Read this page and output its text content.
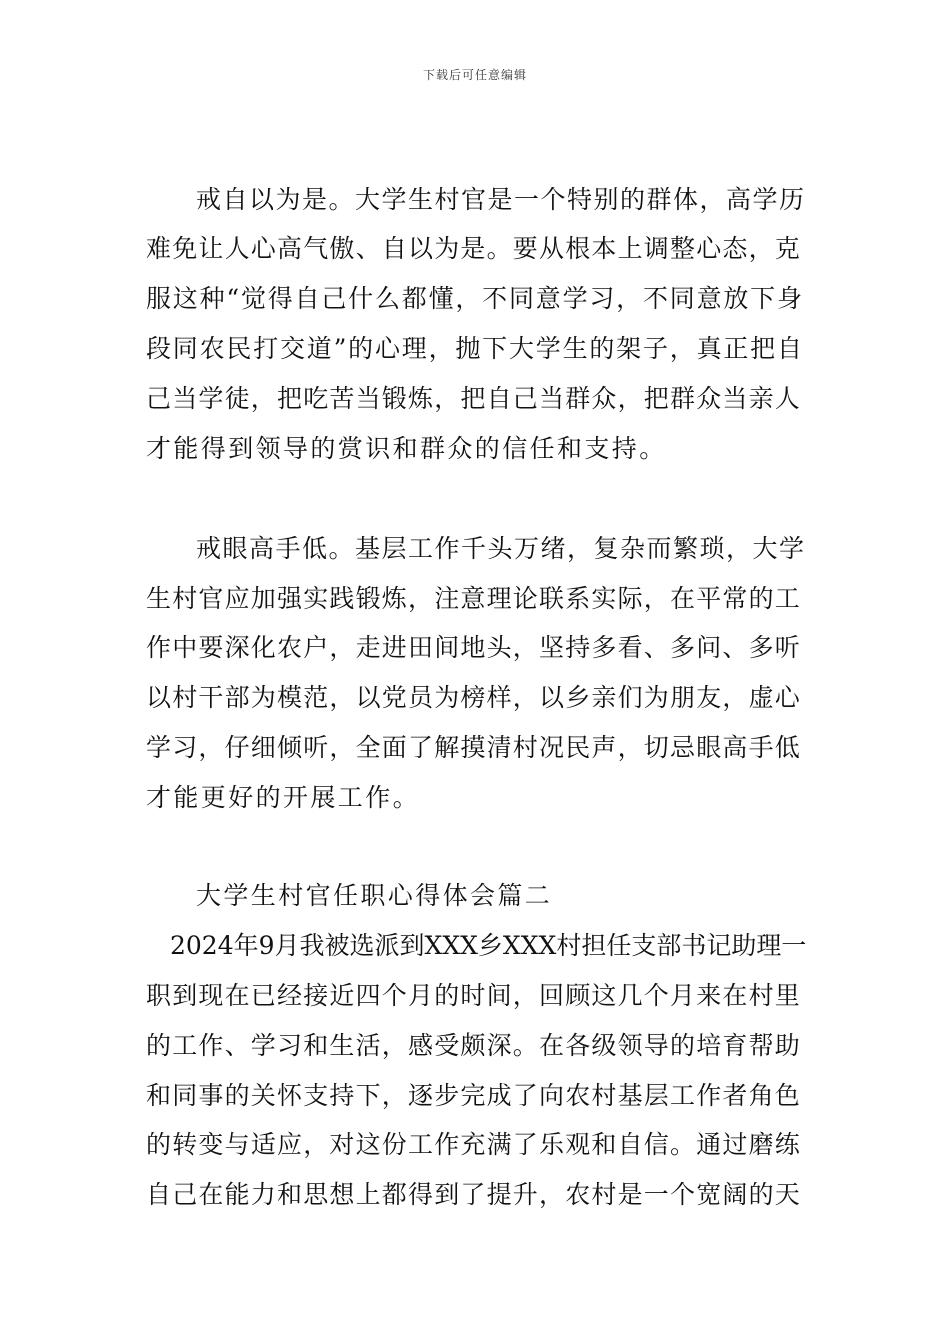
下载后可任意编辑
戒自以为是。大学生村官是一个特别的群体，高学历
难免让人心高气傲、自以为是。要从根本上调整心态，克
服这种“觉得自己什么都懂，不同意学习，不同意放下身
段同农民打交道”的心理，抛下大学生的架子，真正把自
己当学徒，把吃苦当锻炼，把自己当群众，把群众当亲人
才能得到领导的赏识和群众的信任和支持。
戒眼高手低。基层工作千头万绪，复杂而繁琐，大学
生村官应加强实践锻炼，注意理论联系实际，在平常的工
作中要深化农户，走进田间地头，坚持多看、多问、多听
以村干部为模范，以党员为榜样，以乡亲们为朋友，虚心
学习，仔细倾听，全面了解摸清村况民声，切忌眼高手低
才能更好的开展工作。
大学生村官任职心得体会篇二
2024年9月我被选派到XXX乡XXX村担任支部书记助理一
职到现在已经接近四个月的时间，回顾这几个月来在村里
的工作、学习和生活，感受颇深。在各级领导的培育帮助
和同事的关怀支持下，逐步完成了向农村基层工作者角色
的转变与适应，对这份工作充满了乐观和自信。通过磨练
自己在能力和思想上都得到了提升，农村是一个宽阔的天
